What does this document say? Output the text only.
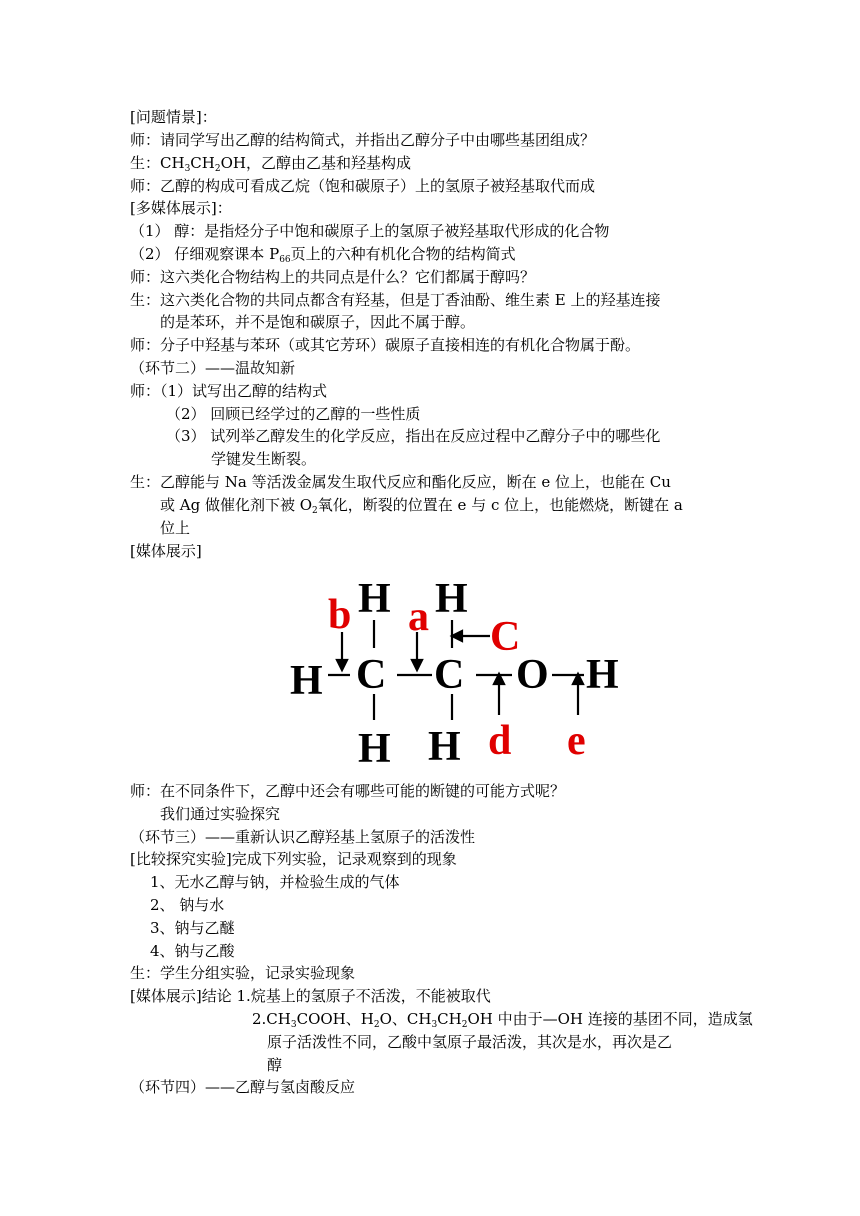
[问题情景]：
师：请同学写出乙醇的结构简式，并指出乙醇分子中由哪些基团组成？
生：$CH_3CH_2OH$，乙醇由乙基和羟基构成
师：乙醇的构成可看成乙烷（饱和碳原子）上的氢原子被羟基取代而成
[多媒体展示]：
（1） 醇：是指烃分子中饱和碳原子上的氢原子被羟基取代形成的化合物
（2） 仔细观察课本 $P_{66}$页上的六种有机化合物的结构简式
师：这六类化合物结构上的共同点是什么？它们都属于醇吗？
生：这六类化合物的共同点都含有羟基，但是丁香油酚、维生素 E 上的羟基连接
的是苯环，并不是饱和碳原子，因此不属于醇。
师：分子中羟基与苯环（或其它芳环）碳原子直接相连的有机化合物属于酚。
（环节二）——温故知新
师：（1）试写出乙醇的结构式
（2） 回顾已经学过的乙醇的一些性质
（3） 试列举乙醇发生的化学反应，指出在反应过程中乙醇分子中的哪些化
学键发生断裂。
生：乙醇能与 Na 等活泼金属发生取代反应和酯化反应，断在 e 位上，也能在 Cu
或 Ag 做催化剂下被 $O_2$氧化，断裂的位置在 e 与 c 位上，也能燃烧，断键在 a
位上
[媒体展示]
H H
H C C O H
H H
b a C
d e
师：在不同条件下，乙醇中还会有哪些可能的断键的可能方式呢？
我们通过实验探究
（环节三）——重新认识乙醇羟基上氢原子的活泼性
[比较探究实验]完成下列实验，记录观察到的现象
1、无水乙醇与钠，并检验生成的气体
2、 钠与水
3、钠与乙醚
4、钠与乙酸
生：学生分组实验，记录实验现象
[媒体展示]结论 1.烷基上的氢原子不活泼，不能被取代
$2.CH_3COOH$、$H_2O$、$CH_3CH_2OH$ 中由于—OH 连接的基团不同，造成氢
原子活泼性不同，乙酸中氢原子最活泼，其次是水，再次是乙
醇
（环节四）——乙醇与氢卤酸反应
